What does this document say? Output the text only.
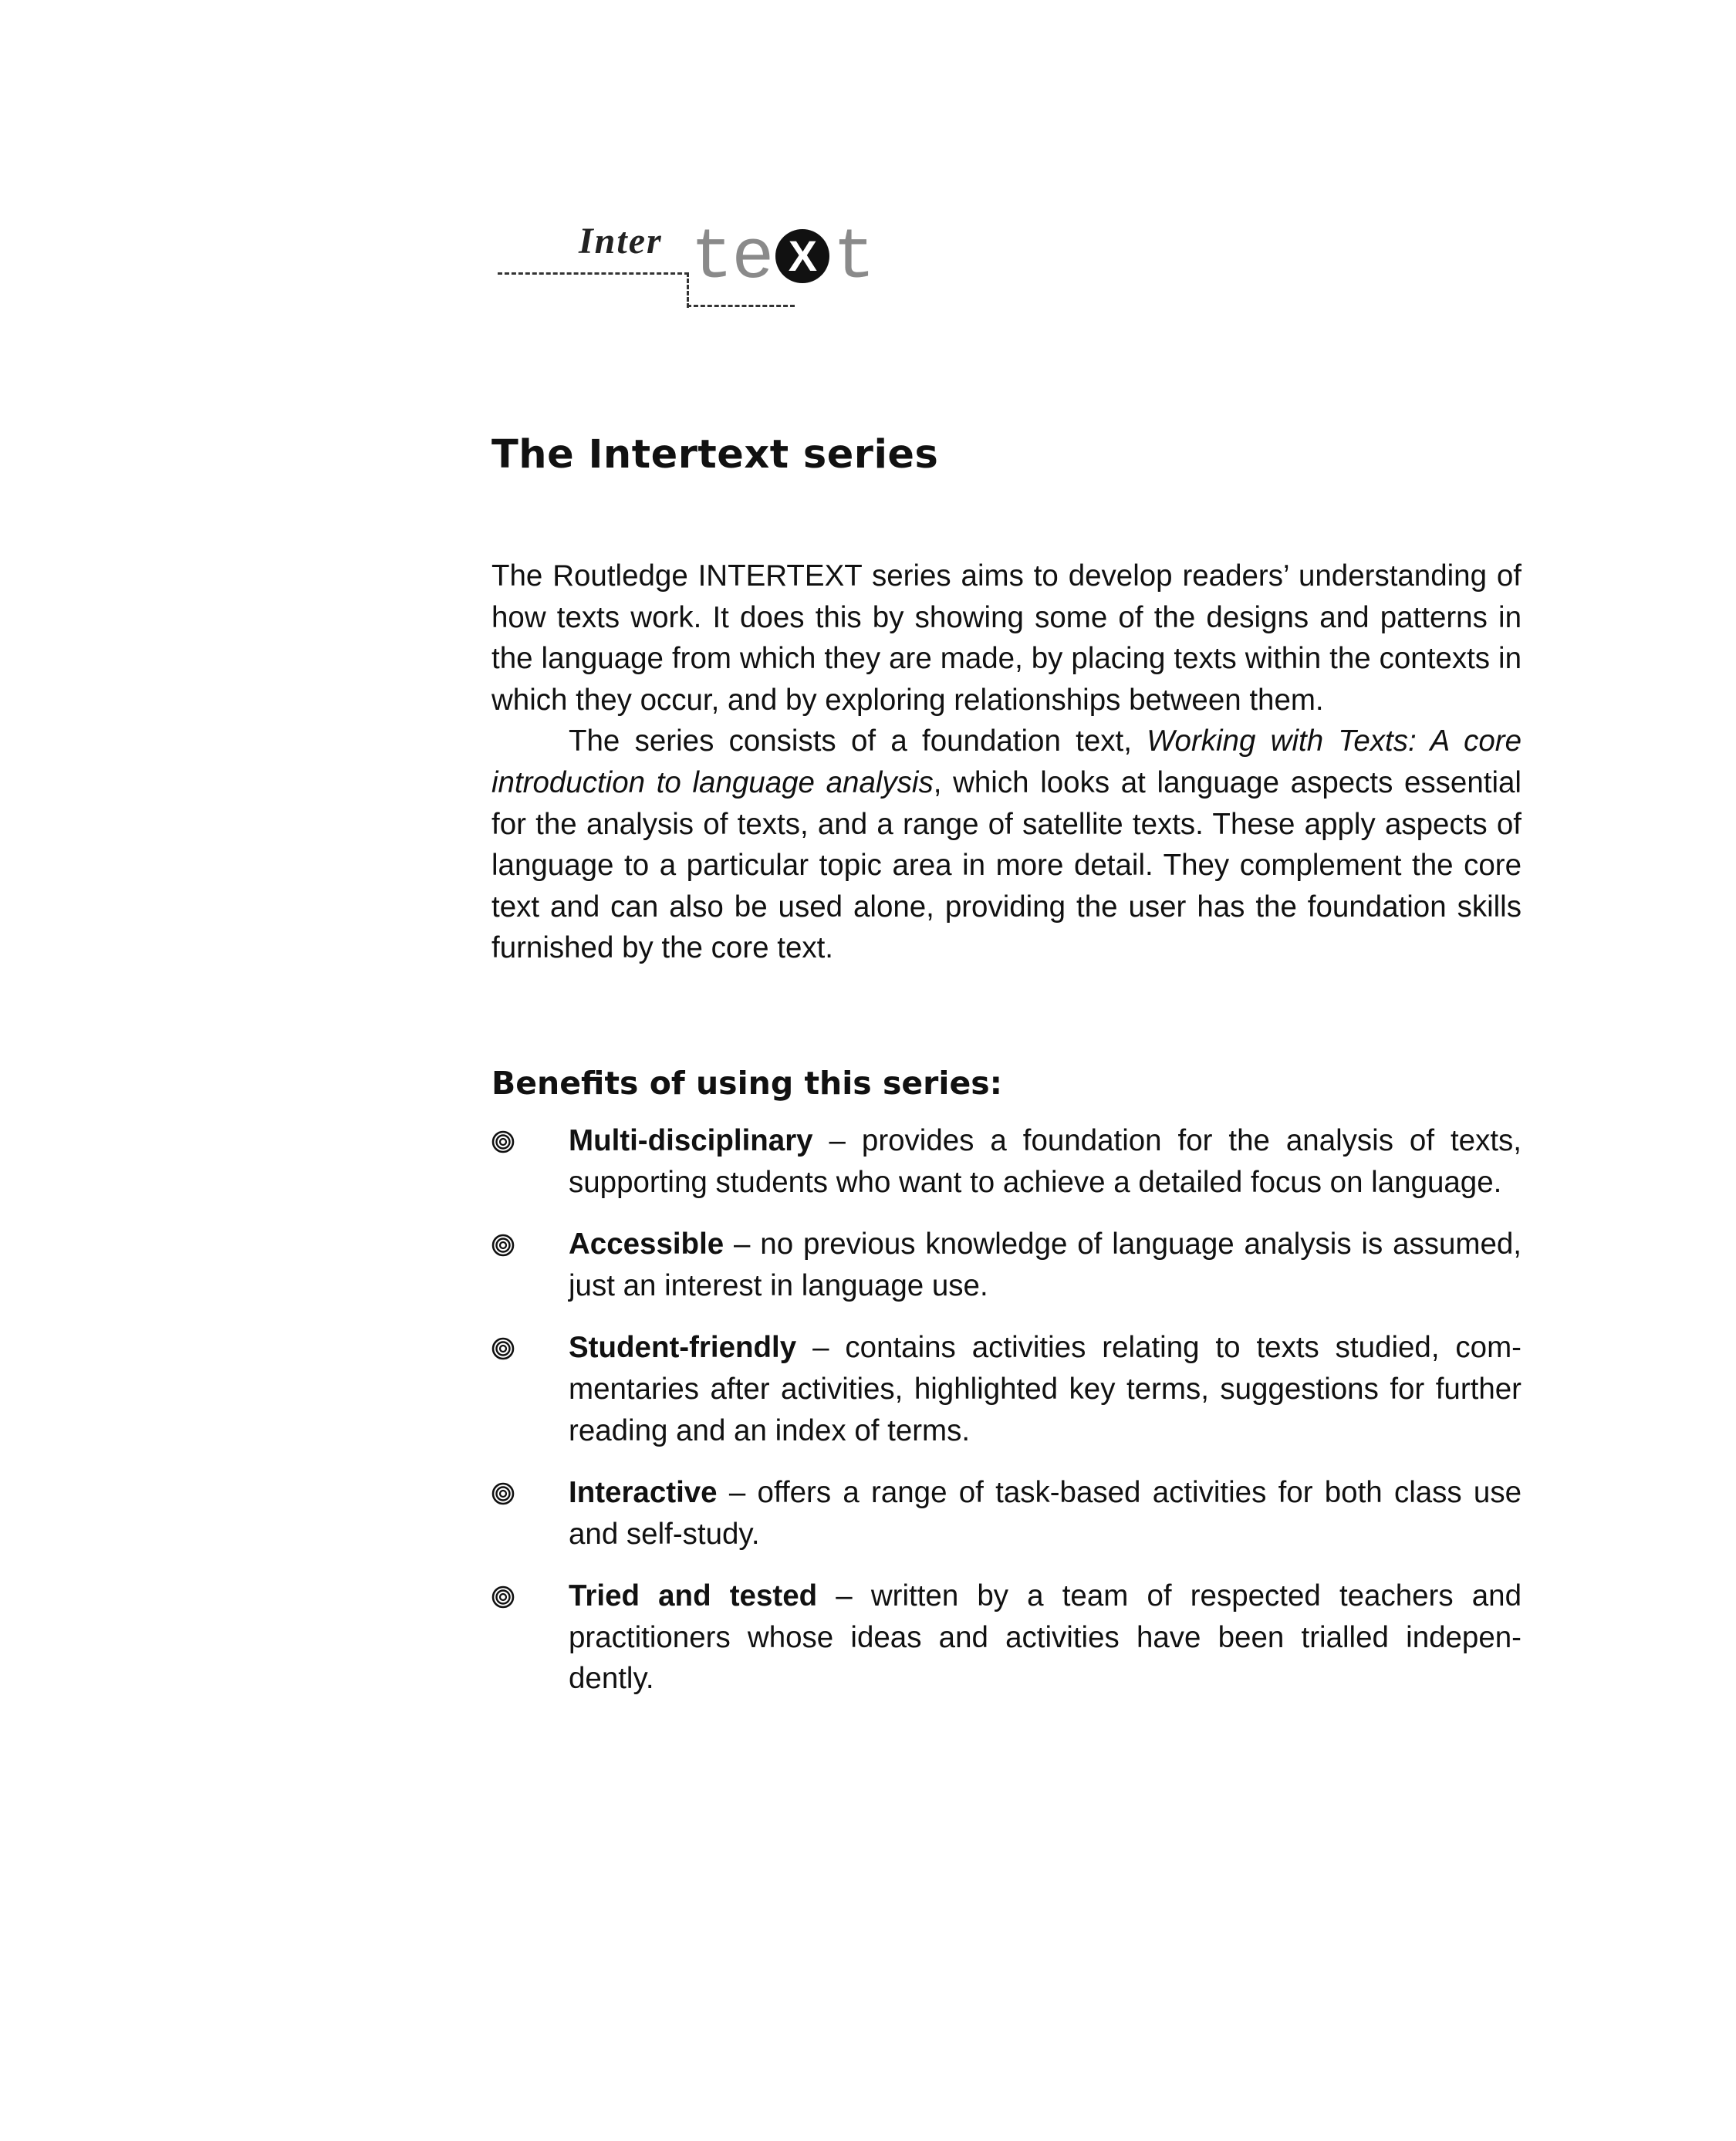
Inter te X t
The Intertext series

The Routledge INTERTEXT series aims to develop readers’ understanding of how texts work. It does this by showing some of the designs and patterns in the language from which they are made, by placing texts within the contexts in which they occur, and by exploring relationships between them.

The series consists of a foundation text, Working with Texts: A core introduction to language analysis, which looks at language aspects essential for the analysis of texts, and a range of satellite texts. These apply aspects of language to a particular topic area in more detail. They complement the core text and can also be used alone, providing the user has the foundation skills furnished by the core text.

Benefits of using this series:
Multi-disciplinary – provides a foundation for the analysis of texts, supporting students who want to achieve a detailed focus on language.
Accessible – no previous knowledge of language analysis is assumed, just an interest in language use.
Student-friendly – contains activities relating to texts studied, commentaries after activities, highlighted key terms, suggestions for further reading and an index of terms.
Interactive – offers a range of task-based activities for both class use and self-study.
Tried and tested – written by a team of respected teachers and practitioners whose ideas and activities have been trialled independently.
